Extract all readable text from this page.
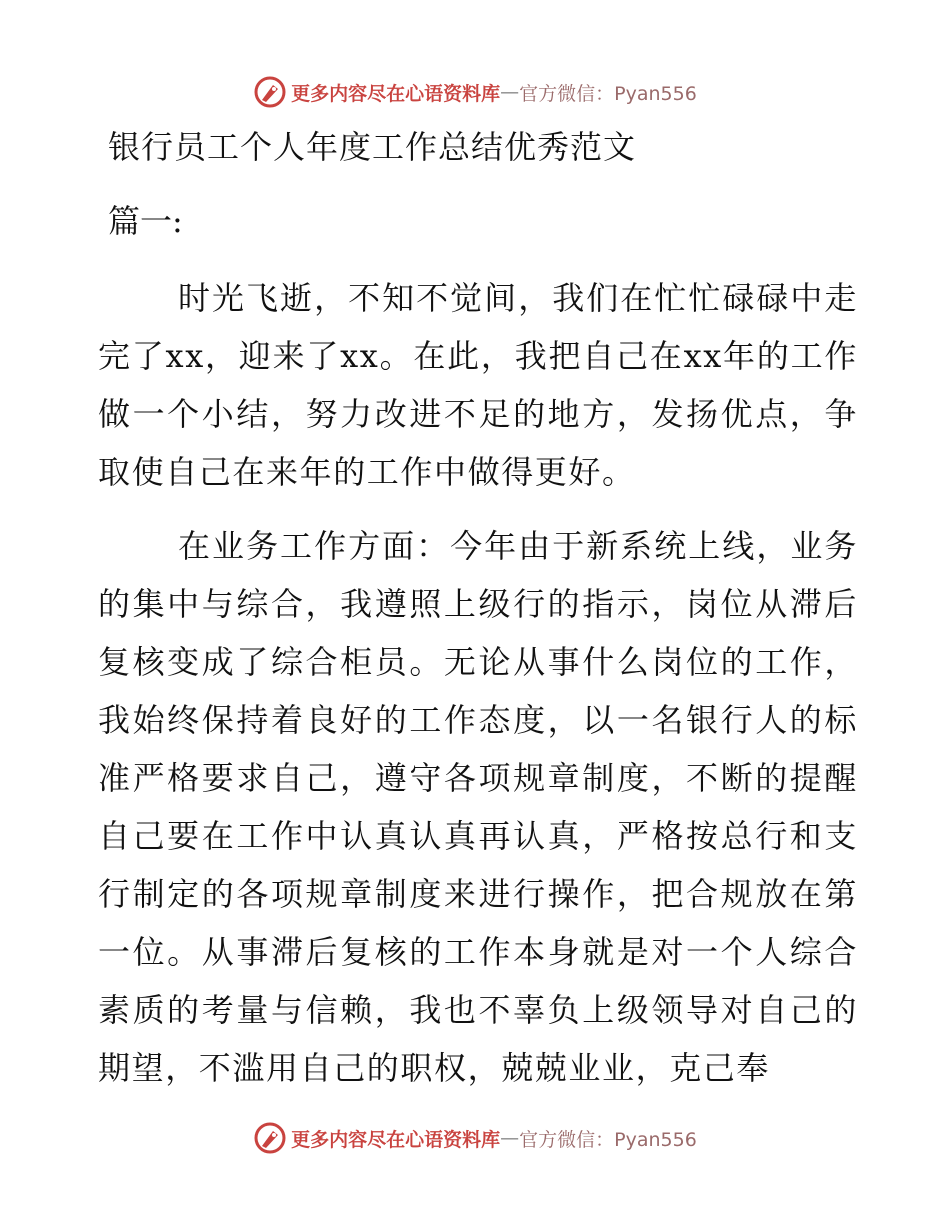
更多内容尽在心语资料库 — 官方微信：Pyan556
银行员工个人年度工作总结优秀范文
篇一:

时光飞逝，不知不觉间，我们在忙忙碌碌中走完了xx，迎来了xx。在此，我把自己在xx年的工作做一个小结，努力改进不足的地方，发扬优点，争取使自己在来年的工作中做得更好。

在业务工作方面：今年由于新系统上线，业务的集中与综合，我遵照上级行的指示，岗位从滞后复核变成了综合柜员。无论从事什么岗位的工作，我始终保持着良好的工作态度，以一名银行人的标准严格要求自己，遵守各项规章制度，不断的提醒自己要在工作中认真认真再认真，严格按总行和支行制定的各项规章制度来进行操作，把合规放在第一位。从事滞后复核的工作本身就是对一个人综合素质的考量与信赖，我也不辜负上级领导对自己的期望，不滥用自己的职权，兢兢业业，克己奉

更多内容尽在心语资料库 — 官方微信：Pyan556
